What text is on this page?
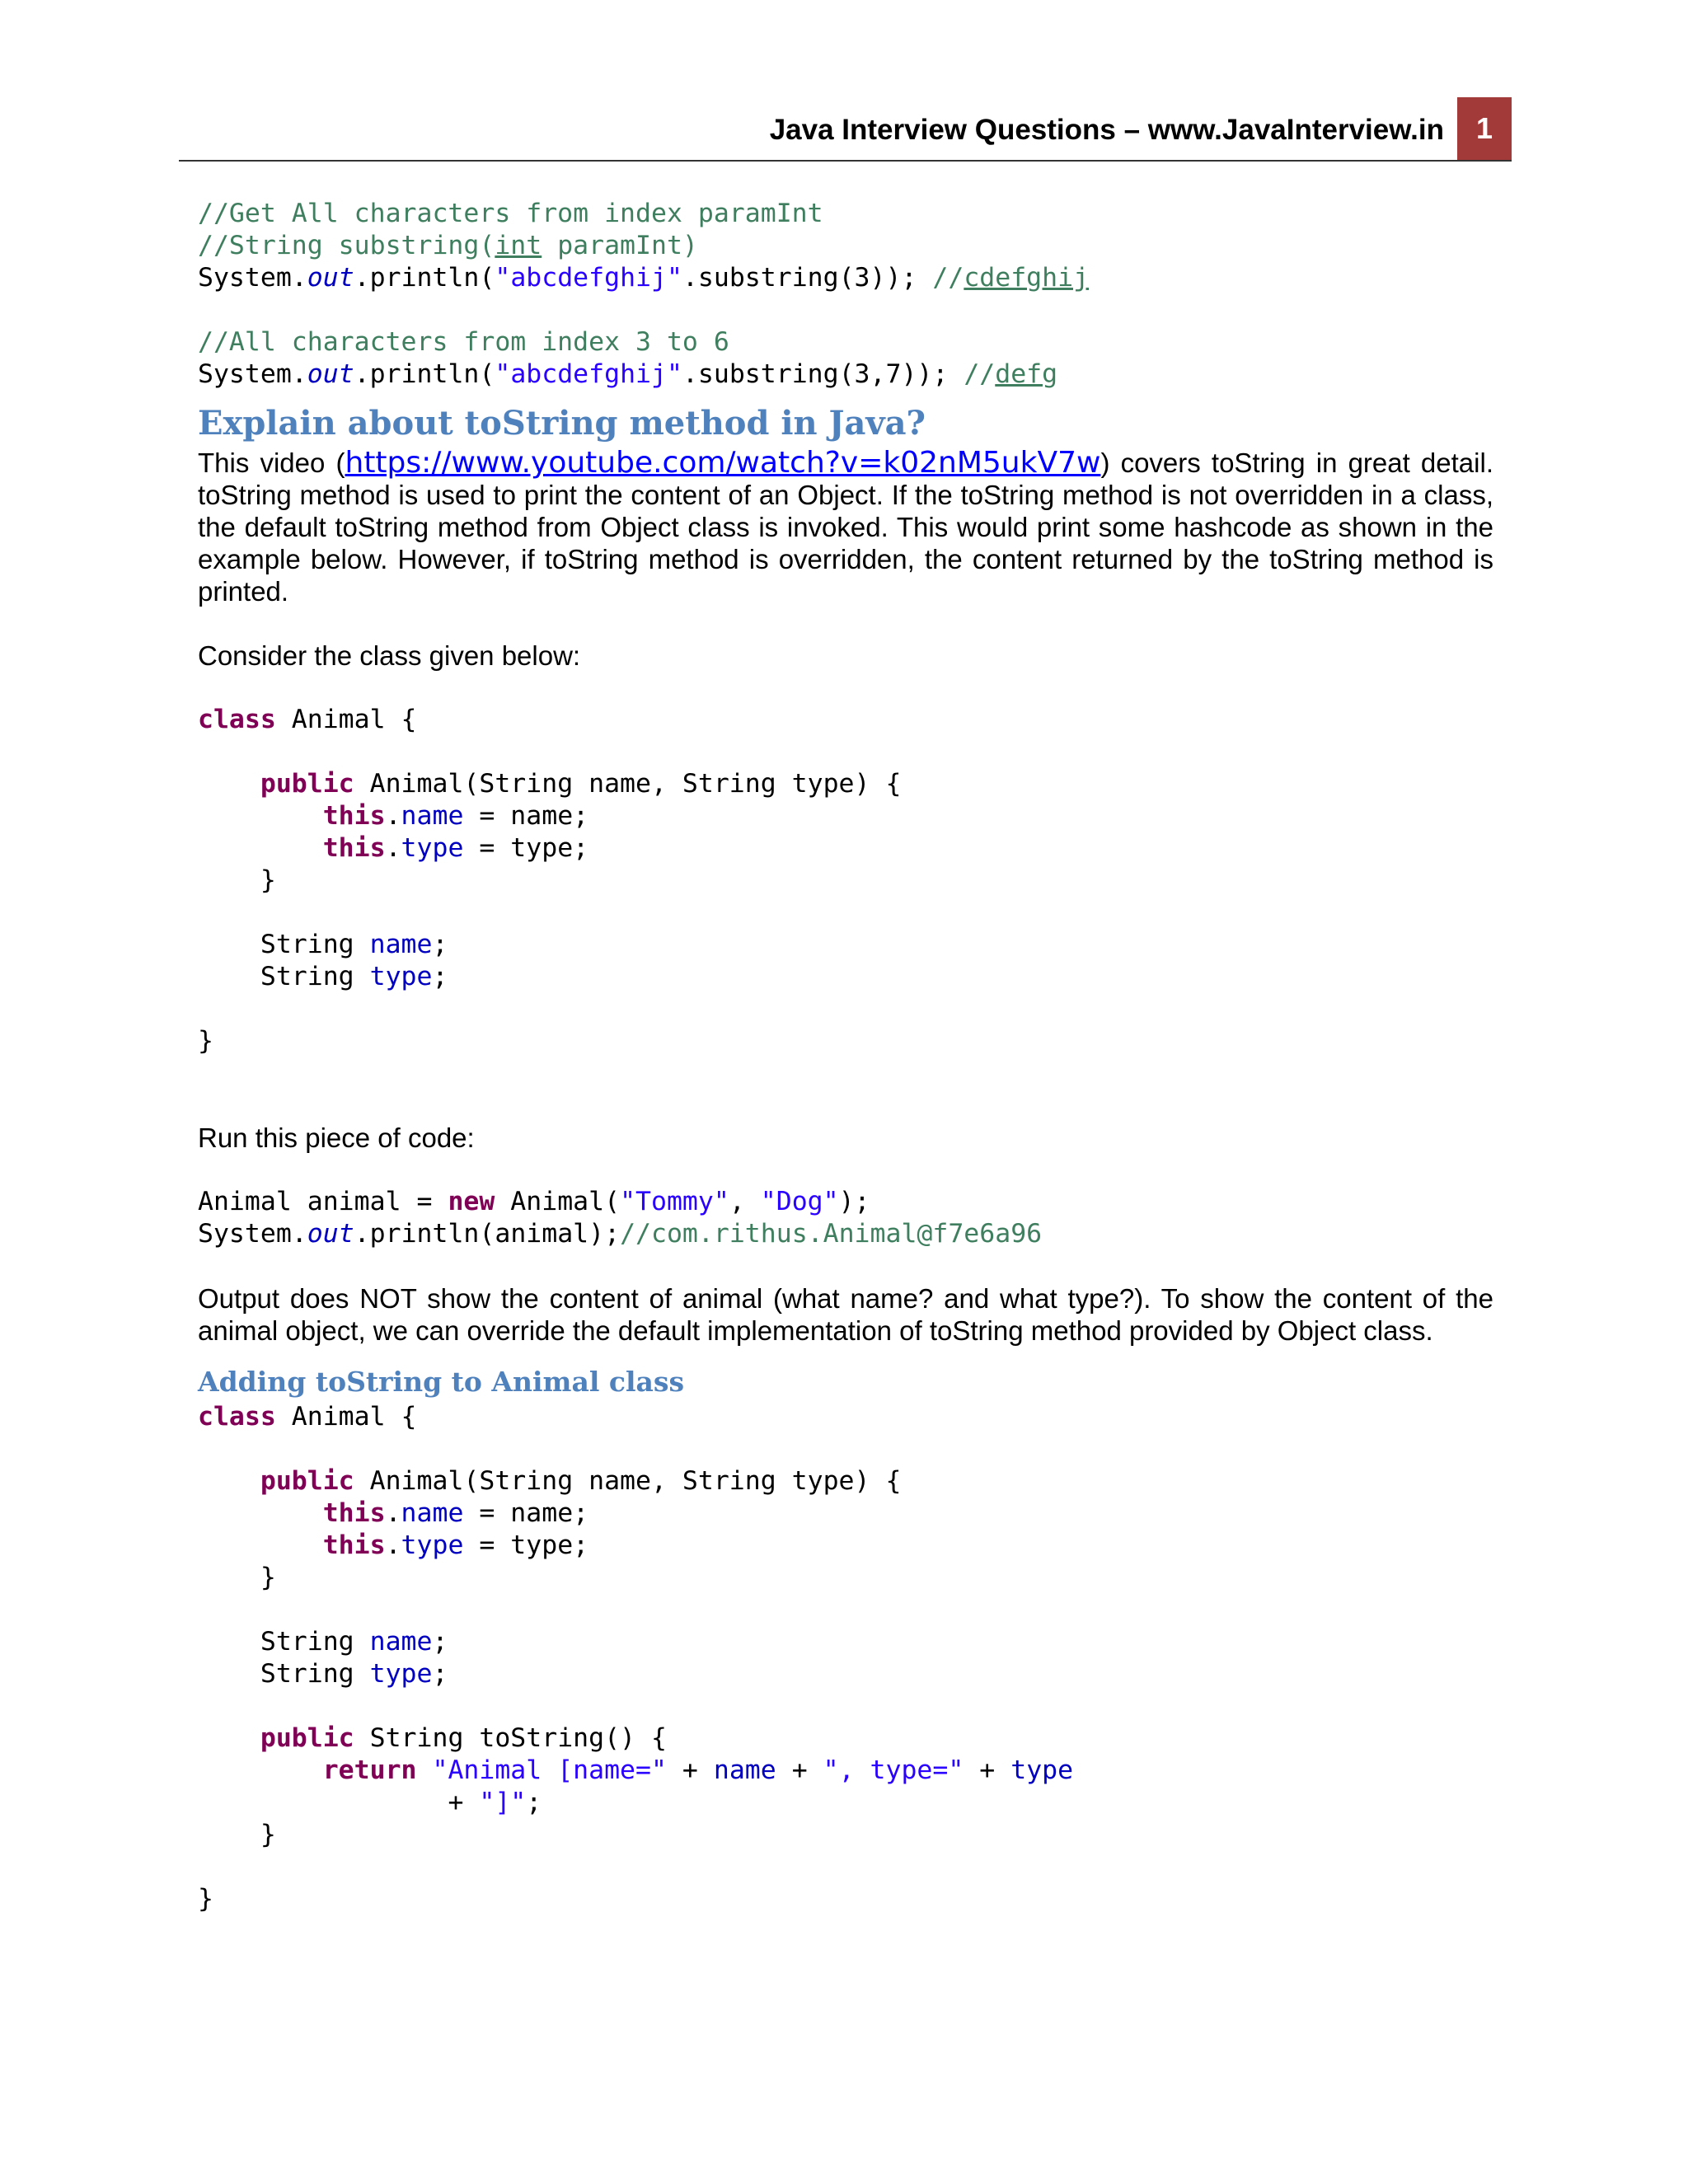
Java Interview Questions – www.JavaInterview.in	1
//Get All characters from index paramInt
//String substring(int paramInt)
System.out.println("abcdefghij".substring(3)); //cdefghij

//All characters from index 3 to 6
System.out.println("abcdefghij".substring(3,7)); //defg
Explain about toString method in Java?

This video (https://www.youtube.com/watch?v=k02nM5ukV7w) covers toString in great detail. toString method is used to print the content of an Object. If the toString method is not overridden in a class, the default toString method from Object class is invoked. This would print some hashcode as shown in the example below. However, if toString method is overridden, the content returned by the toString method is printed.

Consider the class given below:

class Animal {

public Animal(String name, String type) {
this.name = name;
this.type = type;
}

String name;
String type;

}

Run this piece of code:

Animal animal = new Animal("Tommy", "Dog");
System.out.println(animal);//com.rithus.Animal@f7e6a96

Output does NOT show the content of animal (what name? and what type?). To show the content of the animal object, we can override the default implementation of toString method provided by Object class.

Adding toString to Animal class
class Animal {

public Animal(String name, String type) {
this.name = name;
this.type = type;
}

String name;
String type;

public String toString() {
return "Animal [name=" + name + ", type=" + type
+ "]";
}

}
